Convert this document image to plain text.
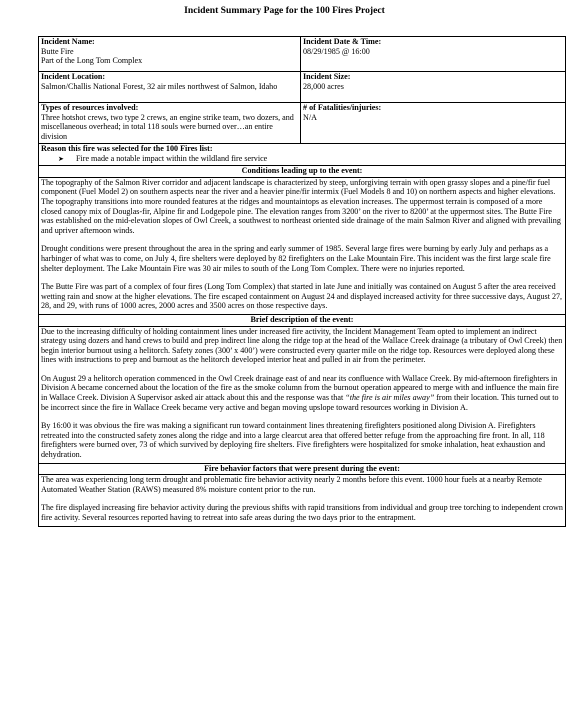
Incident Summary Page for the 100 Fires Project
Incident Name:
Butte Fire
Part of the Long Tom Complex	Incident Date & Time:
08/29/1985 @ 16:00

Incident Location:
Salmon/Challis National Forest, 32 air miles northwest of Salmon, Idaho	Incident Size:
28,000 acres

Types of resources involved:
Three hotshot crews, two type 2 crews, an engine strike team, two dozers, and miscellaneous overhead; in total 118 souls were burned over…an entire division	# of Fatalities/injuries:
N/A

Reason this fire was selected for the 100 Fires list:
➤ Fire made a notable impact within the wildland fire service	

Conditions leading up to the event:	

The topography of the Salmon River corridor and adjacent landscape is characterized by steep, unforgiving terrain with open grassy slopes and a pine/fir fuel component (Fuel Model 2) on southern aspects near the river and a heavier pine/fir intermix (Fuel Models 8 and 10) on northern aspects and higher elevations. The topography transitions into more rounded features at the ridges and mountaintops as elevation increases. The uppermost terrain is composed of a more closed canopy mix of Douglas-fir, Alpine fir and Lodgepole pine. The elevation ranges from 3200’ on the river to 8200’ at the uppermost sites. The Butte Fire was established on the mid-elevation slopes of Owl Creek, a southwest to northeast oriented side drainage of the main Salmon River and aligned with prevailing and upriver afternoon winds.

Drought conditions were present throughout the area in the spring and early summer of 1985. Several large fires were burning by early July and perhaps as a harbinger of what was to come, on July 4, fire shelters were deployed by 82 firefighters on the Lake Mountain Fire. This incident was the first large scale fire shelter deployment. The Lake Mountain Fire was 30 air miles to south of the Long Tom Complex. There were no injuries reported.

The Butte Fire was part of a complex of four fires (Long Tom Complex) that started in late June and initially was contained on August 5 after the area received wetting rain and snow at the higher elevations. The fire escaped containment on August 24 and displayed increased activity for three successive days, August 27, 28, and 29, with runs of 1000 acres, 2000 acres and 3500 acres on those respective days.	

Brief description of the event:	

Due to the increasing difficulty of holding containment lines under increased fire activity, the Incident Management Team opted to implement an indirect strategy using dozers and hand crews to build and prep indirect line along the ridge top at the head of the Wallace Creek drainage (a tributary of Owl Creek) then begin interior burnout using a helitorch. Safety zones (300’ x 400’) were constructed every quarter mile on the ridge top. Resources were deployed along these lines with instructions to prep and burnout as the helitorch developed interior heat and pulled in air from the perimeter.

On August 29 a helitorch operation commenced in the Owl Creek drainage east of and near its confluence with Wallace Creek. By mid-afternoon firefighters in Division A became concerned about the location of the fire as the smoke column from the burnout operation appeared to merge with and influence the main fire in Wallace Creek. Division A Supervisor asked air attack about this and the response was that “the fire is air miles away” from their location. This turned out to be incorrect since the fire in Wallace Creek became very active and began moving upslope toward resources working in Division A.

By 16:00 it was obvious the fire was making a significant run toward containment lines threatening firefighters positioned along Division A. Firefighters retreated into the constructed safety zones along the ridge and into a large clearcut area that offered better refuge from the approaching fire front. In all, 118 firefighters were burned over, 73 of which survived by deploying fire shelters. Five firefighters were hospitalized for smoke inhalation, heat exhaustion and dehydration.	

Fire behavior factors that were present during the event:	

The area was experiencing long term drought and problematic fire behavior activity nearly 2 months before this event. 1000 hour fuels at a nearby Remote Automated Weather Station (RAWS) measured 8% moisture content prior to the run.

The fire displayed increasing fire behavior activity during the previous shifts with rapid transitions from individual and group tree torching to independent crown fire activity. Several resources reported having to retreat into safe areas during the two days prior to the entrapment.	
